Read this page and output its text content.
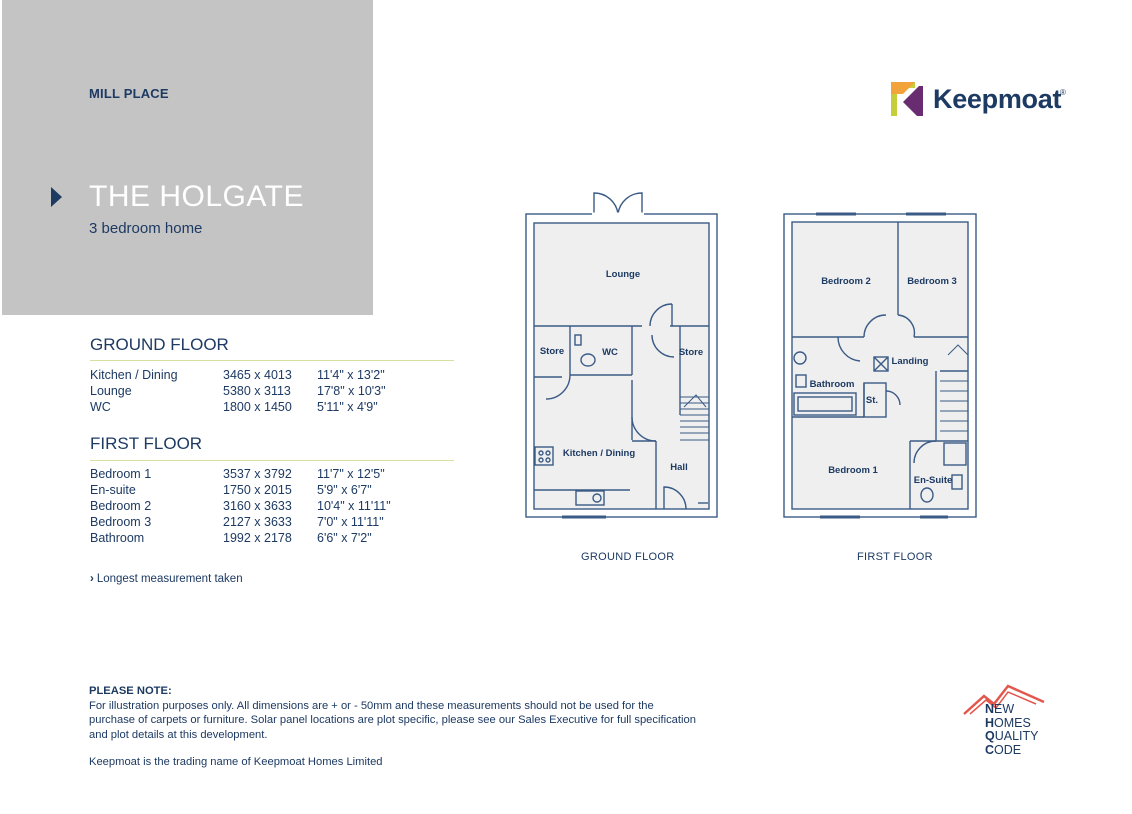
MILL PLACE
THE HOLGATE
3 bedroom home
Keepmoat
®
GROUND FLOOR
Kitchen / Dining	3465 x 4013 11'4" x 13'2"
Lounge	5380 x 3113 17'8" x 10'3"
WC	1800 x 1450 5'11" x 4'9"
FIRST FLOOR
Bedroom 1	3537 x 3792 11'7" x 12'5"
En-suite	1750 x 2015 5'9" x 6'7"
Bedroom 2	3160 x 3633 10'4" x 11'11"
Bedroom 3	2127 x 3633 7'0" x 11'11"
Bathroom	1992 x 2178 6'6" x 7'2"
› Longest measurement taken
Lounge
Store	WC	Store
Kitchen / Dining
Hall
GROUND FLOOR
Bedroom 2	Bedroom 3
Landing
Bathroom
St.
Bedroom 1
En-Suite
FIRST FLOOR
PLEASE NOTE:
For illustration purposes only. All dimensions are + or - 50mm and these measurements should not be used for the purchase of carpets or furniture. Solar panel locations are plot specific, please see our Sales Executive for full specification and plot details at this development.
Keepmoat is the trading name of Keepmoat Homes Limited
NEW
HOMES
QUALITY
CODE
